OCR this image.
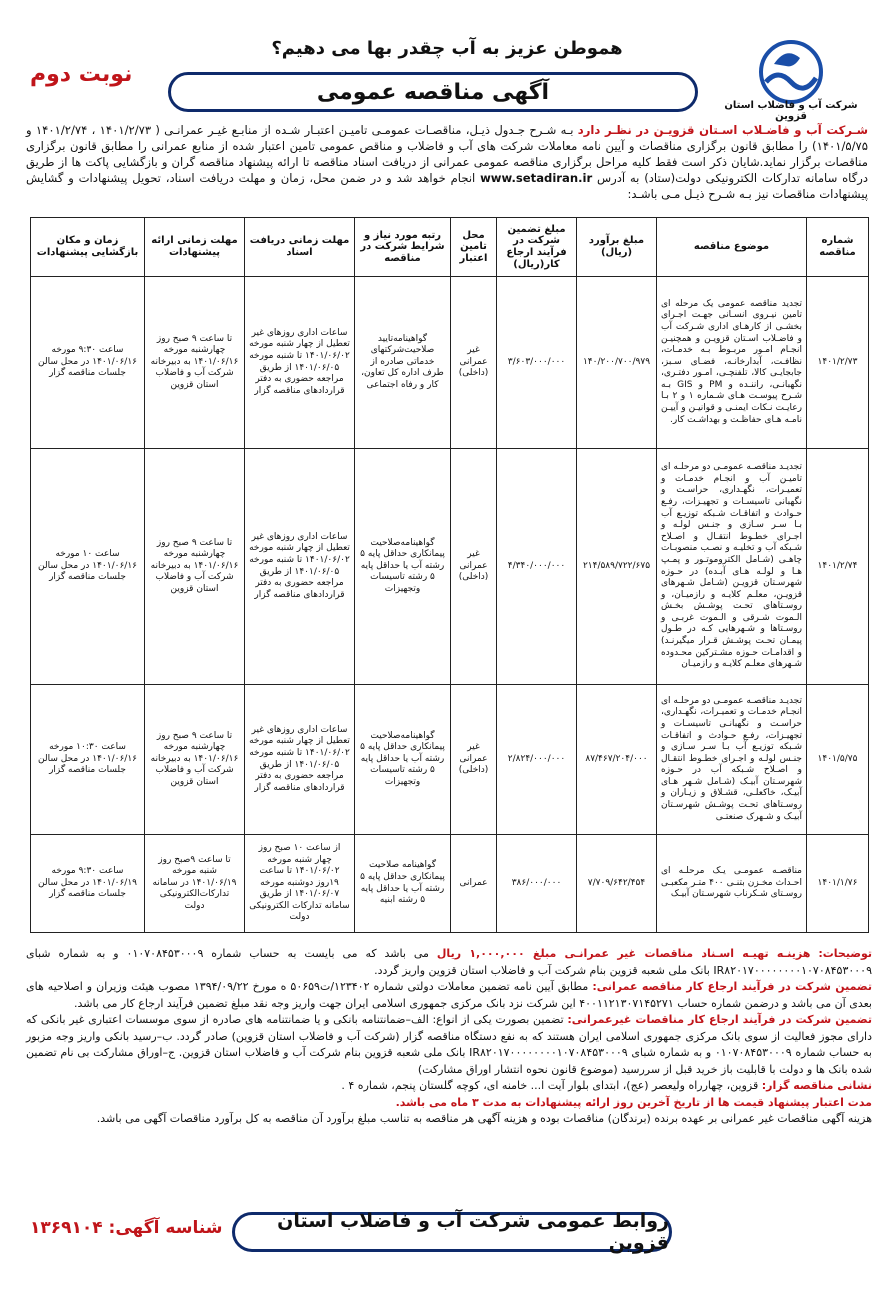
هموطن عزیز به آب چقدر بها می دهیم؟
شرکت آب و فاضلاب استان قزوین
آگهی مناقصه عمومی
نوبت دوم
شـرکت آب و فاضـلاب اسـتان قزویـن در نظـر دارد بـه شـرح جـدول ذیـل، مناقصـات عمومـی تامیـن اعتبـار شـده از منابـع غیـر عمرانـی ( ۱۴۰۱/۲/۷۳ ، ۱۴۰۱/۲/۷۴ و ۱۴۰۱/۵/۷۵) را مطابق قانون برگزاری مناقصات و آیین نامه معاملات شرکت های آب و فاضلاب و مناقص عمومی تامین اعتبار شده از منابع عمرانی را مطابق قانون برگزاری مناقصات برگزار نماید.شایان ذکر است فقط کلیه مراحل برگزاری مناقصه عمومی عمرانی از دریافت اسناد مناقصه تا ارائه پیشنهاد مناقصه گران و بازگشایی پاکت ها از طریق درگاه سامانه تدارکات الکترونیکی دولت(ستاد) به آدرس www.setadiran.ir انجام خواهد شد و در ضمن محل، زمان و مهلت دریافت اسناد، تحویل پیشنهادات و گشایش پیشنهادات مناقصات نیز بـه شـرح ذیـل مـی باشـد:
شماره مناقصه	موضوع مناقصه	مبلغ برآورد (ریال)	مبلغ تضمین شرکت در فرآیند ارجاع کار(ریال)	محل تامین اعتبار	رتبه مورد نیاز و شرایط شرکت در مناقصه	مهلت زمانی دریافت اسناد	مهلت زمانی ارائه پیشنهادات	زمان و مکان بازگشایی پیشنهادات
۱۴۰۱/۲/۷۳	تجدید مناقصه عمومی یک مرحله ای تامین نیـروی انسـانی جهـت اجـرای بخشـی از کارهـای اداری شـرکت آب و فاضـلاب اسـتان قزویـن و همچنیـن انجـام امـور مربـوط بـه خدمـات، نظافـت، آبدارخانـه، فضـای سـبز، جابجایـی کالا، تلفنچـی، امـور دفتـری، نگهبانـی، راننـده و PM و GIS بـه شـرح پیوسـت هـای شـماره ۱ و ۲ بـا رعایـت نـکات ایمنـی و قوانیـن و آییـن نامـه هـای حفاظـت و بهداشـت کار.	۱۴۰/۲۰۰/۷۰۰/۹۷۹	۳/۶۰۳/۰۰۰/۰۰۰	غیر عمرانی (داخلی)	گواهینامه‌تایید صلاحیت‌شرکتهای خدماتی صادره از طرف اداره کل تعاون، کار و رفاه اجتماعی	ساعات اداری روزهای غیر تعطیل از چهار شنبه مورخه ۱۴۰۱/۰۶/۰۲ تا شنبه مورخه ۱۴۰۱/۰۶/۰۵ از طریق مراجعه حضوری به دفتر قراردادهای مناقصه گزار	تا ساعت ۹ صبح روز چهارشنبه مورخه ۱۴۰۱/۰۶/۱۶ به دبیرخانه شرکت آب و فاضلاب استان قزوین	ساعت ۹:۳۰ مورخه ۱۴۰۱/۰۶/۱۶ در محل سالن جلسات مناقصه گزار
۱۴۰۱/۲/۷۴	تجدیـد مناقصـه عمومـی دو مرحلـه ای تامیـن آب و انجـام خدمـات و تعمیـرات، نگهـداری، حراسـت و نگهبانی تاسیسـات و تجهیـزات، رفـع حـوادث و اتفاقـات شـبکه توزیـع آب بـا سـر سـازی و جنـس لولـه و اجـرای خطـوط انتقـال و اصـلاح شـبکه آب و تخلیـه و نصـب منصوبـات چاهـی (شـامل الکتروموتـور و پمـپ هـا و لولـه هـای آبـده) در حـوزه شهرسـتان قزویـن (شـامل شـهرهای قزویـن، معلـم کلایـه و رازمیـان، و روسـتاهای تحـت پوشـش بخـش الـموت شـرقی و الـموت غربـی و روسـتاها و شـهرهایی کـه در طـول پیمـان تحـت پوشـش قـرار میگیرنـد) و اقدامـات حـوزه مشـترکین محـدوده شـهرهای معلـم کلایـه و رازمیـان	۲۱۴/۵۸۹/۷۲۲/۶۷۵	۴/۳۴۰/۰۰۰/۰۰۰	غیر عمرانی (داخلی)	گواهینامه‌صلاحیت پیمانکاری حداقل پایه ۵ رشته آب یا حداقل پایه ۵ رشته تاسیسات وتجهیزات	ساعات اداری روزهای غیر تعطیل از چهار شنبه مورخه ۱۴۰۱/۰۶/۰۲ تا شنبه مورخه ۱۴۰۱/۰۶/۰۵ از طریق مراجعه حضوری به دفتر قراردادهای مناقصه گزار	تا ساعت ۹ صبح روز چهارشنبه مورخه ۱۴۰۱/۰۶/۱۶ به دبیرخانه شرکت آب و فاضلاب استان قزوین	ساعت ۱۰ مورخه ۱۴۰۱/۰۶/۱۶ در محل سالن جلسات مناقصه گزار
۱۴۰۱/۵/۷۵	تجدیـد مناقصـه عمومـی دو مرحلـه ای انجـام خدمـات و تعمیـرات، نگهـداری، حراسـت و نگهبانـی تاسیسـات و تجهیـزات، رفـع حـوادث و اتفاقـات شـبکه توزیـع آب بـا سـر سـازی و جنـس لولـه و اجـرای خطـوط انتقـال و اصـلاح شـبکه آب در حـوزه شهرسـتان آبیـک (شـامل شـهر هـای آبیـک، خاکعلـی، قشـلاق و زیـاران و روسـتاهای تحـت پوشـش شهرسـتان آبیـک و شـهرک صنعتـی	۸۷/۴۶۷/۲۰۴/۰۰۰	۲/۸۲۴/۰۰۰/۰۰۰	غیر عمرانی (داخلی)	گواهینامه‌صلاحیت پیمانکاری حداقل پایه ۵ رشته آب یا حداقل پایه ۵ رشته تاسیسات وتجهیزات	ساعات اداری روزهای غیر تعطیل از چهار شنبه مورخه ۱۴۰۱/۰۶/۰۲ تا شنبه مورخه ۱۴۰۱/۰۶/۰۵ از طریق مراجعه حضوری به دفتر قراردادهای مناقصه گزار	تا ساعت ۹ صبح روز چهارشنبه مورخه ۱۴۰۱/۰۶/۱۶ به دبیرخانه شرکت آب و فاضلاب استان قزوین	ساعت ۱۰:۳۰ مورخه ۱۴۰۱/۰۶/۱۶ در محل سالن جلسات مناقصه گزار
۱۴۰۱/۱/۷۶	مناقصـه عمومـی یـک مرحلـه ای احـداث مخـزن بتنـی ۴۰۰ متـر مکعبـی روسـتای شـکرناب شهرسـتان آبیـک	۷/۷۰۹/۶۴۲/۴۵۴	۳۸۶/۰۰۰/۰۰۰	عمرانی	گواهینامه صلاحیت پیمانکاری حداقل پایه ۵ رشته آب یا حداقل پایه ۵ رشته ابنیه	از ساعت ۱۰ صبح روز چهار شنبه مورخه ۱۴۰۱/۰۶/۰۲ تا ساعت ۱۹روز دوشنبه مورخه ۱۴۰۱/۰۶/۰۷ از طریق سامانه تدارکات الکترونیکی دولت	تا ساعت ۹صبح روز شنبه مورخه ۱۴۰۱/۰۶/۱۹ در سامانه تدارکات‌الکترونیکی دولت	ساعت ۹:۳۰ مورخه ۱۴۰۱/۰۶/۱۹ در محل سالن جلسات مناقصه گزار
توضیحات: هزینـه تهیـه اسـناد مناقصات غیر عمرانـی مبلغ ۱,۰۰۰,۰۰۰ ریال می باشد که می بایست به حساب شماره ۰۱۰۷۰۸۴۵۳۰۰۰۹ و به شماره شبای IR۸۲۰۱۷۰۰۰۰۰۰۰۰۱۰۷۰۸۴۵۳۰۰۰۹ بانک ملی شعبه قزوین بنام شرکت آب و فاضلاب استان قزوین واریز گردد.
تضمین شرکت در فرآیند ارجاع کار مناقصه عمرانی: مطابق آیین نامه تضمین معاملات دولتی شماره ۱۲۳۴۰۲/ت۵۰۶۵۹ ه مورخ ۱۳۹۴/۰۹/۲۲ مصوب هیئت وزیران و اصلاحیه های بعدی آن می باشد و درضمن شماره حساب ۴۰۰۱۱۲۱۳۰۷۱۴۵۲۷۱ این شرکت نزد بانک مرکزی جمهوری اسلامی ایران جهت واریز وجه نقد مبلغ تضمین فرآیند ارجاع کار می باشد.
تضمین شرکت در فرآیند ارجاع کار مناقصات غیرعمرانی: تضمین بصورت یکی از انواع: الف–ضمانتنامه بانکی و یا ضمانتنامه های صادره از سوی موسسات اعتباری غیر بانکی که دارای مجوز فعالیت از سوی بانک مرکزی جمهوری اسلامی ایران هستند که به نفع دستگاه مناقصه گزار (شرکت آب و فاضلاب استان قزوین) صادر گردد. ب–رسید بانکی واریز وجه مزبور به حساب شماره ۰۱۰۷۰۸۴۵۳۰۰۰۹ و به شماره شبای IR۸۲۰۱۷۰۰۰۰۰۰۰۰۱۰۷۰۸۴۵۳۰۰۰۹ بانک ملی شعبه قزوین بنام شرکت آب و فاضلاب استان قزوین. ج–اوراق مشارکت بی نام تضمین شده بانک ها و دولت با قابلیت باز خرید قبل از سررسید (موضوع قانون نحوه انتشار اوراق مشارکت)
نشانی مناقصه گزار: قزوین، چهارراه ولیعصر (عج)، ابتدای بلوار آیت ا... خامنه ای، کوچه گلستان پنجم، شماره ۴ .
مدت اعتبار پیشنهاد قیمت ها از تاریخ آخرین روز ارائه پیشنهادات به مدت ۳ ماه می باشد.
هزینه آگهی مناقصات غیر عمرانی بر عهده برنده (برندگان) مناقصات بوده و هزینه آگهی هر مناقصه به تناسب مبلغ برآورد آن مناقصه به کل برآورد مناقصات آگهی می باشد.
روابط عمومی شرکت آب و فاضلاب استان قزوین
شناسه آگهی: ۱۳۶۹۱۰۴
